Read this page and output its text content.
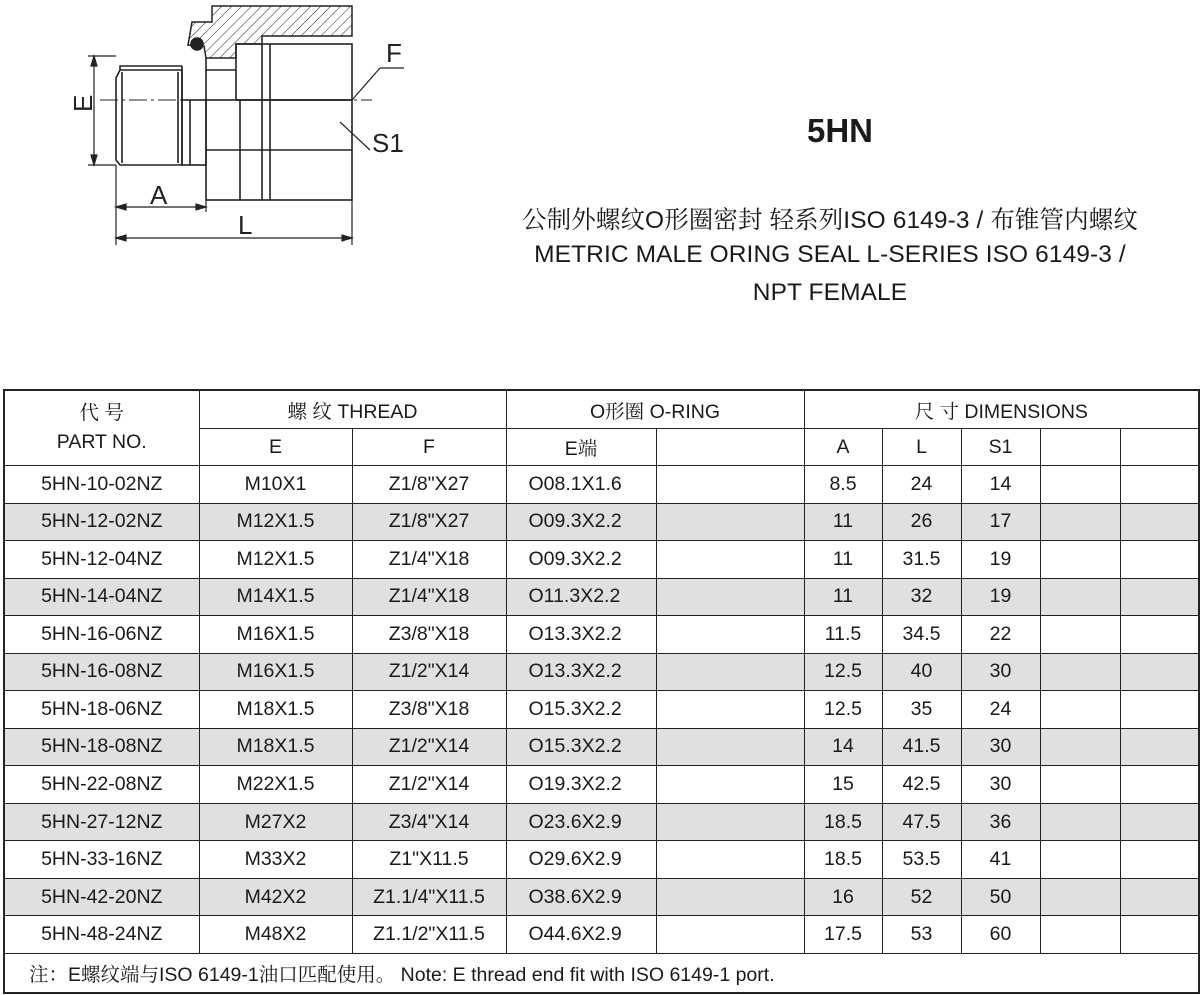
F
S1
E
A
L
5HN
公制外螺纹O形圈密封 轻系列ISO 6149-3 / 布锥管内螺纹
METRIC MALE ORING SEAL L-SERIES ISO 6149-3 /
NPT FEMALE
代 号
PART NO.	螺 纹 THREAD		O形圈 O-RING		尺 寸 DIMENSIONS				
	E	F	E端		A	L	S1		
5HN-10-02NZ	M10X1	Z1/8"X27	O08.1X1.6		8.5	24	14		
5HN-12-02NZ	M12X1.5	Z1/8"X27	O09.3X2.2		11	26	17		
5HN-12-04NZ	M12X1.5	Z1/4"X18	O09.3X2.2		11	31.5	19		
5HN-14-04NZ	M14X1.5	Z1/4"X18	O11.3X2.2		11	32	19		
5HN-16-06NZ	M16X1.5	Z3/8"X18	O13.3X2.2		11.5	34.5	22		
5HN-16-08NZ	M16X1.5	Z1/2"X14	O13.3X2.2		12.5	40	30		
5HN-18-06NZ	M18X1.5	Z3/8"X18	O15.3X2.2		12.5	35	24		
5HN-18-08NZ	M18X1.5	Z1/2"X14	O15.3X2.2		14	41.5	30		
5HN-22-08NZ	M22X1.5	Z1/2"X14	O19.3X2.2		15	42.5	30		
5HN-27-12NZ	M27X2	Z3/4"X14	O23.6X2.9		18.5	47.5	36		
5HN-33-16NZ	M33X2	Z1"X11.5	O29.6X2.9		18.5	53.5	41		
5HN-42-20NZ	M42X2	Z1.1/4"X11.5	O38.6X2.9		16	52	50		
5HN-48-24NZ	M48X2	Z1.1/2"X11.5	O44.6X2.9		17.5	53	60		
注：E螺纹端与ISO 6149-1油口匹配使用。 Note: E thread end fit with ISO 6149-1 port.									
